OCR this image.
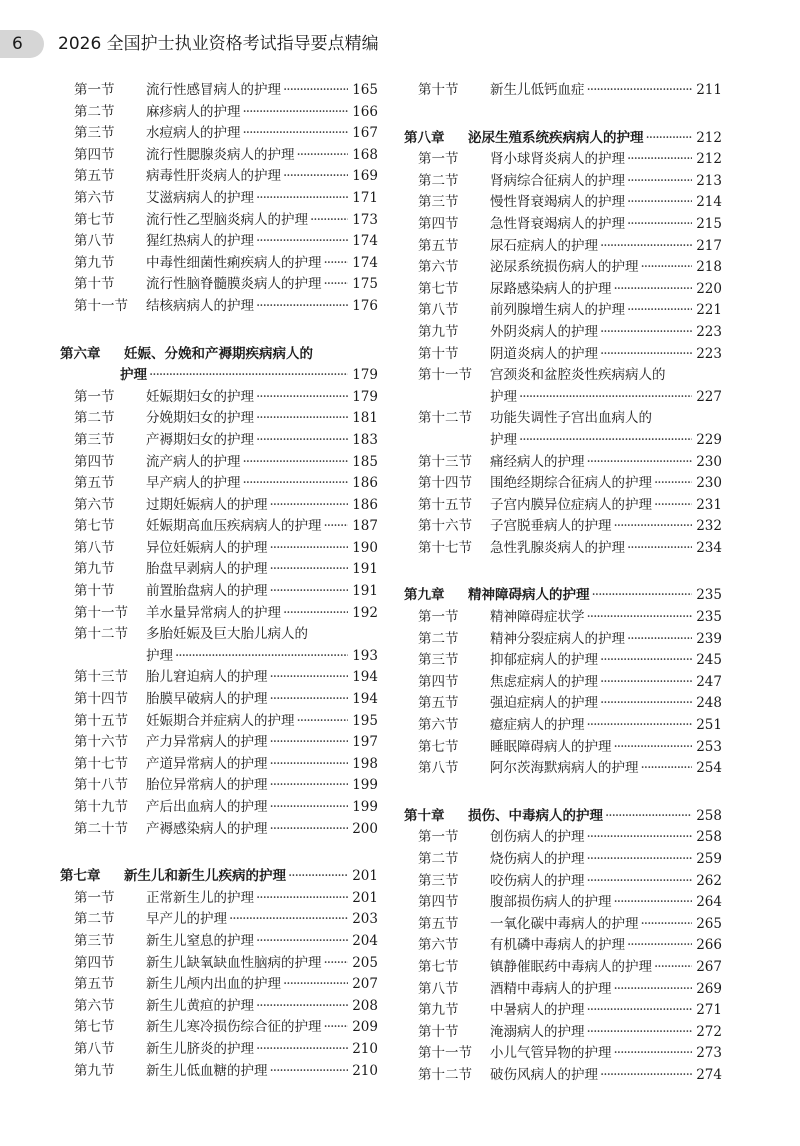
6	2026 全国护士执业资格考试指导要点精编
第一节	流行性感冒病人的护理 ·····	165
第二节	麻疹病人的护理 ·····	166
第三节	水痘病人的护理 ·····	167
第四节	流行性腮腺炎病人的护理 ·····	168
第五节	病毒性肝炎病人的护理 ·····	169
第六节	艾滋病病人的护理 ·····	171
第七节	流行性乙型脑炎病人的护理 ·····	173
第八节	猩红热病人的护理 ·····	174
第九节	中毒性细菌性痢疾病人的护理 ····· 174
第十节	流行性脑脊髓膜炎病人的护理 ····· 175
第十一节	结核病病人的护理 ·····	176
第六章	妊娠、分娩和产褥期疾病病人的
护理 ·····	179
第一节	妊娠期妇女的护理 ·····	179
第二节	分娩期妇女的护理 ·····	181
第三节	产褥期妇女的护理 ·····	183
第四节	流产病人的护理 ·····	185
第五节	早产病人的护理 ·····	186
第六节	过期妊娠病人的护理 ·····	186
第七节	妊娠期高血压疾病病人的护理 ····· 187
第八节	异位妊娠病人的护理 ·····	190
第九节	胎盘早剥病人的护理 ·····	191
第十节	前置胎盘病人的护理 ·····	191
第十一节	羊水量异常病人的护理 ·····	192
第十二节	多胎妊娠及巨大胎儿病人的
护理 ·····	193
第十三节	胎儿窘迫病人的护理 ·····	194
第十四节	胎膜早破病人的护理 ·····	194
第十五节	妊娠期合并症病人的护理 ·····	195
第十六节	产力异常病人的护理 ·····	197
第十七节	产道异常病人的护理 ·····	198
第十八节	胎位异常病人的护理 ·····	199
第十九节	产后出血病人的护理 ·····	199
第二十节	产褥感染病人的护理 ·····	200
第七章	新生儿和新生儿疾病的护理 ·····	201
第一节	正常新生儿的护理 ·····	201
第二节	早产儿的护理 ·····	203
第三节	新生儿窒息的护理 ·····	204
第四节	新生儿缺氧缺血性脑病的护理 ····· 205
第五节	新生儿颅内出血的护理 ·····	207
第六节	新生儿黄疸的护理 ·····	208
第七节	新生儿寒冷损伤综合征的护理 ····· 209
第八节	新生儿脐炎的护理 ·····	210
第九节	新生儿低血糖的护理 ·····	210
第十节	新生儿低钙血症 ·····	211
第八章	泌尿生殖系统疾病病人的护理 ·····	212
第一节	肾小球肾炎病人的护理 ·····	212
第二节	肾病综合征病人的护理 ·····	213
第三节	慢性肾衰竭病人的护理 ·····	214
第四节	急性肾衰竭病人的护理 ·····	215
第五节	尿石症病人的护理 ·····	217
第六节	泌尿系统损伤病人的护理 ·····	218
第七节	尿路感染病人的护理 ·····	220
第八节	前列腺增生病人的护理 ·····	221
第九节	外阴炎病人的护理 ·····	223
第十节	阴道炎病人的护理 ·····	223
第十一节	宫颈炎和盆腔炎性疾病病人的
护理 ·····	227
第十二节	功能失调性子宫出血病人的
护理 ·····	229
第十三节	痛经病人的护理 ·····	230
第十四节	围绝经期综合征病人的护理 ·····	230
第十五节	子宫内膜异位症病人的护理 ·····	231
第十六节	子宫脱垂病人的护理 ·····	232
第十七节	急性乳腺炎病人的护理 ·····	234
第九章	精神障碍病人的护理 ·····	235
第一节	精神障碍症状学 ·····	235
第二节	精神分裂症病人的护理 ·····	239
第三节	抑郁症病人的护理 ·····	245
第四节	焦虑症病人的护理 ·····	247
第五节	强迫症病人的护理 ·····	248
第六节	癔症病人的护理 ·····	251
第七节	睡眠障碍病人的护理 ·····	253
第八节	阿尔茨海默病病人的护理 ·····	254
第十章	损伤、中毒病人的护理 ·····	258
第一节	创伤病人的护理 ·····	258
第二节	烧伤病人的护理 ·····	259
第三节	咬伤病人的护理 ·····	262
第四节	腹部损伤病人的护理 ·····	264
第五节	一氧化碳中毒病人的护理 ·····	265
第六节	有机磷中毒病人的护理 ·····	266
第七节	镇静催眠药中毒病人的护理 ·····	267
第八节	酒精中毒病人的护理 ·····	269
第九节	中暑病人的护理 ·····	271
第十节	淹溺病人的护理 ·····	272
第十一节	小儿气管异物的护理 ·····	273
第十二节	破伤风病人的护理 ·····	274
